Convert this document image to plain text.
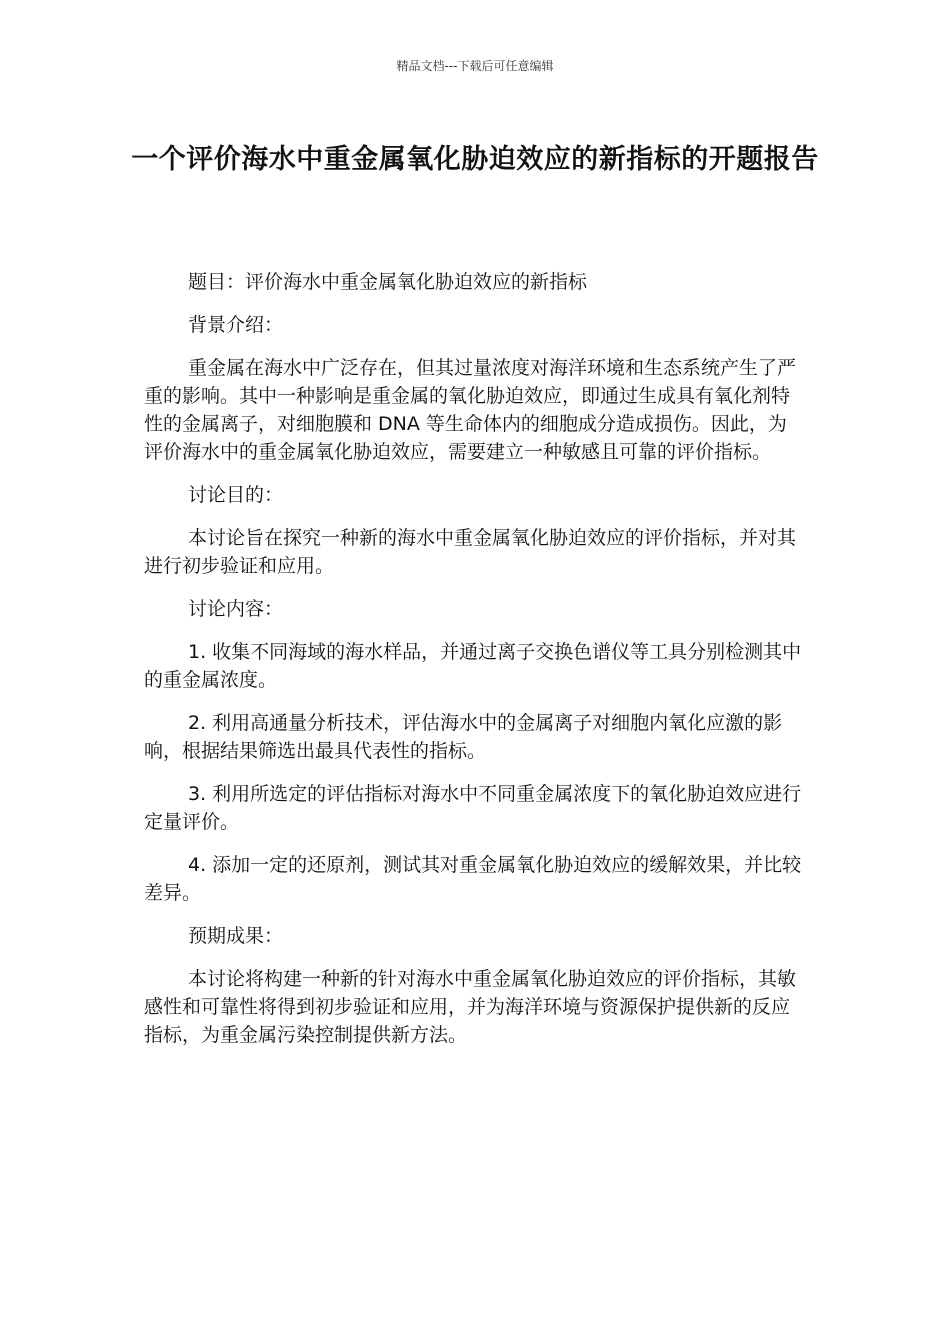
精品文档---下载后可任意编辑
一个评价海水中重金属氧化胁迫效应的新指标的开题报告

题目：评价海水中重金属氧化胁迫效应的新指标

背景介绍：

重金属在海水中广泛存在，但其过量浓度对海洋环境和生态系统产生了严重的影响。其中一种影响是重金属的氧化胁迫效应，即通过生成具有氧化剂特性的金属离子，对细胞膜和 DNA 等生命体内的细胞成分造成损伤。因此，为评价海水中的重金属氧化胁迫效应，需要建立一种敏感且可靠的评价指标。

讨论目的：

本讨论旨在探究一种新的海水中重金属氧化胁迫效应的评价指标，并对其进行初步验证和应用。

讨论内容：

1. 收集不同海域的海水样品，并通过离子交换色谱仪等工具分别检测其中的重金属浓度。

2. 利用高通量分析技术，评估海水中的金属离子对细胞内氧化应激的影响，根据结果筛选出最具代表性的指标。

3. 利用所选定的评估指标对海水中不同重金属浓度下的氧化胁迫效应进行定量评价。

4. 添加一定的还原剂，测试其对重金属氧化胁迫效应的缓解效果，并比较差异。

预期成果：

本讨论将构建一种新的针对海水中重金属氧化胁迫效应的评价指标，其敏感性和可靠性将得到初步验证和应用，并为海洋环境与资源保护提供新的反应指标，为重金属污染控制提供新方法。
